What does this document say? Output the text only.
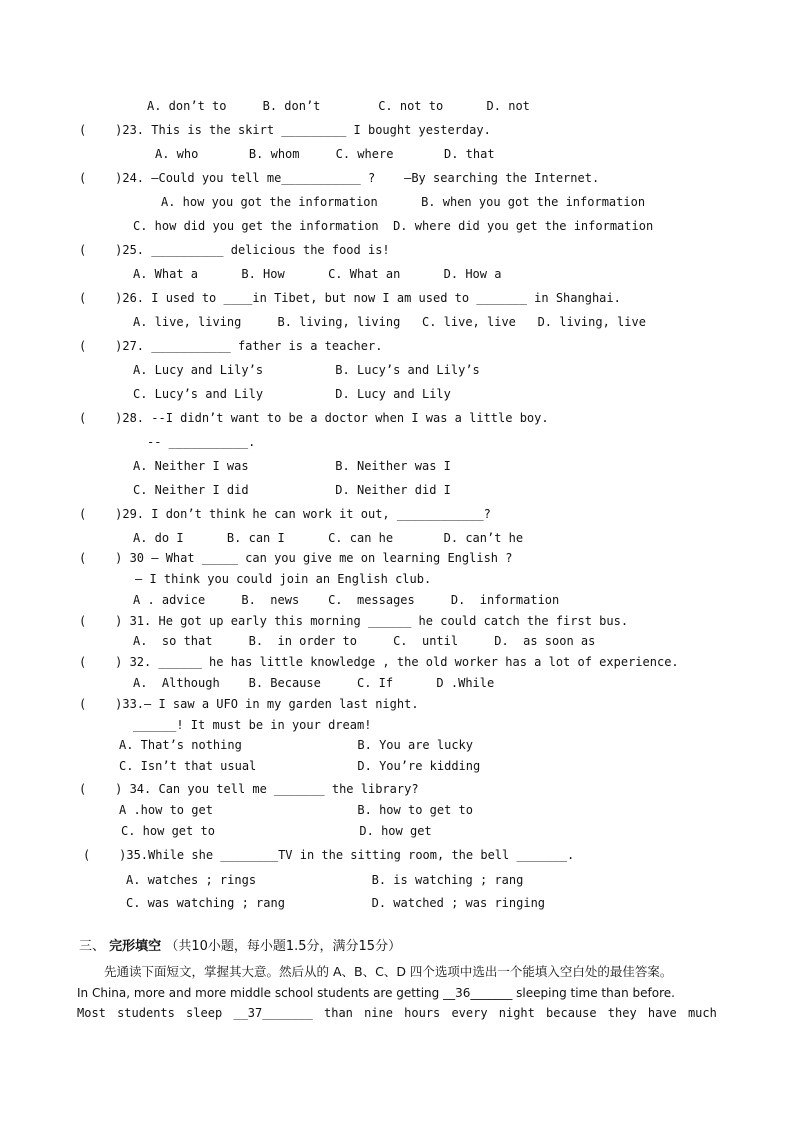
A. don’t to     B. don’t        C. not to      D. not
(    )23. This is the skirt _________ I bought yesterday.
A. who       B. whom     C. where       D. that
(    )24. —Could you tell me___________ ?    —By searching the Internet.
A. how you got the information      B. when you got the information
C. how did you get the information  D. where did you get the information
(    )25. __________ delicious the food is!
A. What a      B. How      C. What an      D. How a
(    )26. I used to ____in Tibet, but now I am used to _______ in Shanghai.
A. live, living     B. living, living   C. live, live   D. living, live
(    )27. ___________ father is a teacher.
A. Lucy and Lily’s          B. Lucy’s and Lily’s
C. Lucy’s and Lily          D. Lucy and Lily
(    )28. --I didn’t want to be a doctor when I was a little boy.
-- ___________.
A. Neither I was            B. Neither was I
C. Neither I did            D. Neither did I
(    )29. I don’t think he can work it out, ____________?
A. do I      B. can I      C. can he       D. can’t he
(    ) 30 – What _____ can you give me on learning English ?
– I think you could join an English club.
A . advice     B.  news    C.  messages     D.  information
(    ) 31. He got up early this morning ______ he could catch the first bus.
A.  so that     B.  in order to     C.  until     D.  as soon as
(    ) 32. ______ he has little knowledge , the old worker has a lot of experience.
A.  Although    B. Because     C. If      D .While
(    )33.– I saw a UFO in my garden last night.
______! It must be in your dream!
A. That’s nothing                B. You are lucky
C. Isn’t that usual              D. You’re kidding
(    ) 34. Can you tell me _______ the library?
A .how to get                    B. how to get to
C. how get to                    D. how get
(    )35.While she ________TV in the sitting room, the bell _______.
A. watches ; rings                B. is watching ; rang
C. was watching ; rang            D. watched ; was ringing
三、 完形填空 （共10小题，每小题1.5分，满分15分）
先通读下面短文，掌握其大意。然后从的 A、B、C、D 四个选项中选出一个能填入空白处的最佳答案。
In China, more and more middle school students are getting __36_______ sleeping time than before.
Most students sleep __37_______ than nine hours every night because they have much
